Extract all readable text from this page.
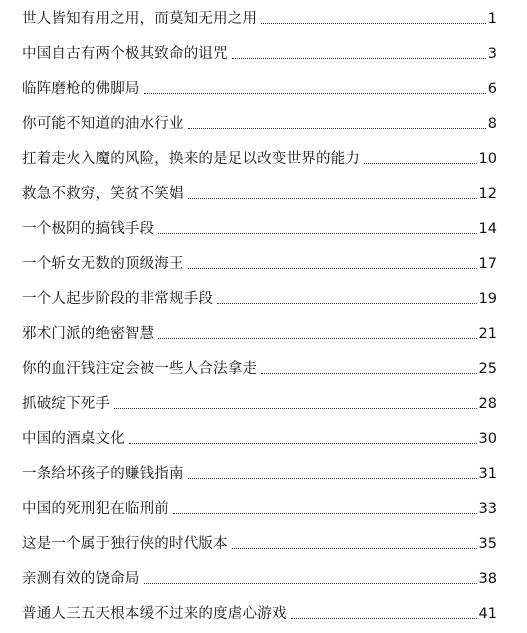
世人皆知有用之用，而莫知无用之用	1
中国自古有两个极其致命的诅咒	3
临阵磨枪的佛脚局	6
你可能不知道的油水行业	8
扛着走火入魔的风险，换来的是足以改变世界的能力	10
救急不救穷，笑贫不笑娼	12
一个极阴的搞钱手段	14
一个斩女无数的顶级海王	17
一个人起步阶段的非常规手段	19
邪术门派的绝密智慧	21
你的血汗钱注定会被一些人合法拿走	25
抓破绽下死手	28
中国的酒桌文化	30
一条给坏孩子的赚钱指南	31
中国的死刑犯在临刑前	33
这是一个属于独行侠的时代版本	35
亲测有效的饶命局	38
普通人三五天根本缓不过来的度虐心游戏	41
